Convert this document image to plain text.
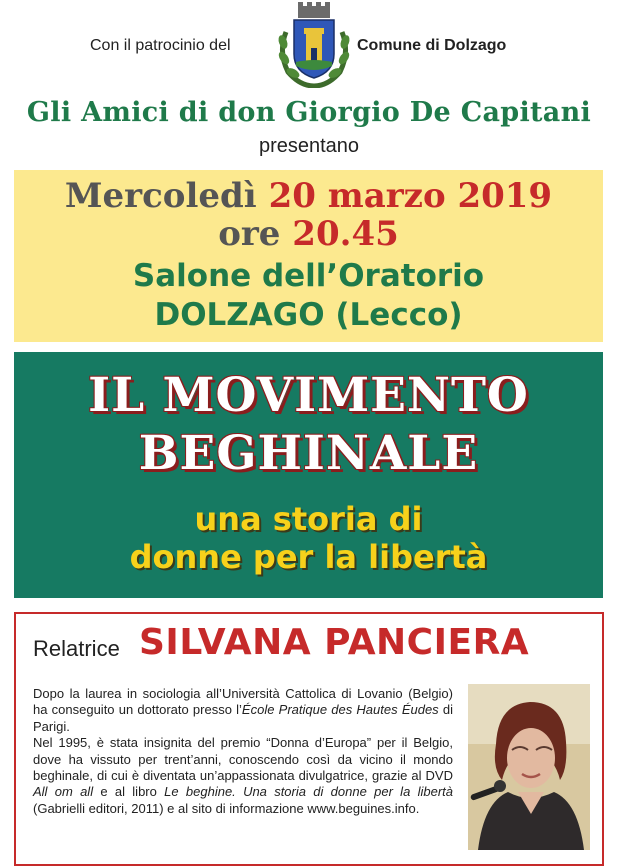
Con il patrocinio del	Comune di Dolzago
Gli Amici di don Giorgio De Capitani
presentano
Mercoledì 20 marzo 2019
ore 20.45
Salone dell’Oratorio
DOLZAGO (Lecco)
IL MOVIMENTO
BEGHINALE
una storia di
donne per la libertà
Relatrice SILVANA PANCIERA

Dopo la laurea in sociologia all’Università Cattolica di Lovanio (Belgio) ha conseguito un dottorato presso l’École Pratique des Hautes Éudes di Parigi.

Nel 1995, è stata insignita del premio “Donna d’Europa” per il Belgio, dove ha vissuto per trent’anni, conoscendo così da vicino il mondo beghinale, di cui è diventata un’appassionata divulgatrice, grazie al DVD All om all e al libro Le beghine. Una storia di donne per la libertà (Gabrielli editori, 2011) e al sito di informazione www.beguines.info.
